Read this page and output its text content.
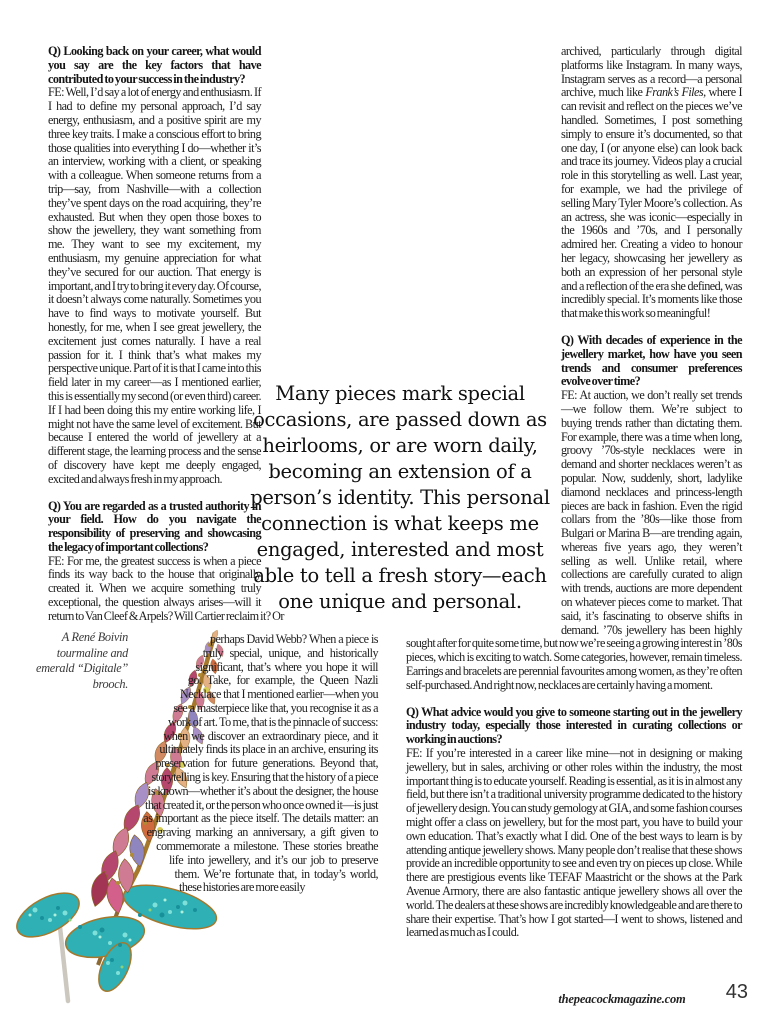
Q) Looking back on your career, what would you say are the key factors that have contributed to your success in the industry?

FE: Well, I’d say a lot of energy and enthusiasm. If I had to define my personal approach, I’d say energy, enthusiasm, and a positive spirit are my three key traits. I make a conscious effort to bring those qualities into everything I do—whether it’s an interview, working with a client, or speaking with a colleague. When someone returns from a trip—say, from Nashville—with a collection they’ve spent days on the road acquiring, they’re exhausted. But when they open those boxes to show the jewellery, they want something from me. They want to see my excitement, my enthusiasm, my genuine appreciation for what they’ve secured for our auction. That energy is important, and I try to bring it every day. Of course, it doesn’t always come naturally. Sometimes you have to find ways to motivate yourself. But honestly, for me, when I see great jewellery, the excitement just comes naturally. I have a real passion for it. I think that’s what makes my perspective unique. Part of it is that I came into this field later in my career—as I mentioned earlier, this is essentially my second (or even third) career. If I had been doing this my entire working life, I might not have the same level of excitement. But because I entered the world of jewellery at a different stage, the learning process and the sense of discovery have kept me deeply engaged, excited and always fresh in my approach.

Q) You are regarded as a trusted authority in your field. How do you navigate the responsibility of preserving and showcasing the legacy of important collections?

FE: For me, the greatest success is when a piece finds its way back to the house that originally created it. When we acquire something truly exceptional, the question always arises—will it return to Van Cleef & Arpels? Will Cartier reclaim it? Or

A René Boivin tourmaline and emerald “Digitale” brooch.

perhaps David Webb? When a piece is truly special, unique, and historically significant, that’s where you hope it will go. Take, for example, the Queen Nazli Necklace that I mentioned earlier—when you see a masterpiece like that, you recognise it as a work of art. To me, that is the pinnacle of success: when we discover an extraordinary piece, and it ultimately finds its place in an archive, ensuring its preservation for future generations. Beyond that, storytelling is key. Ensuring that the history of a piece is known—whether it’s about the designer, the house that created it, or the person who once owned it—is just as important as the piece itself. The details matter: an engraving marking an anniversary, a gift given to commemorate a milestone. These stories breathe life into jewellery, and it’s our job to preserve them. We’re fortunate that, in today’s world, these histories are more easily

Many pieces mark special occasions, are passed down as heirlooms, or are worn daily, becoming an extension of a person’s identity. This personal connection is what keeps me engaged, interested and most able to tell a fresh story—each one unique and personal.

archived, particularly through digital platforms like Instagram. In many ways, Instagram serves as a record—a personal archive, much like Frank’s Files, where I can revisit and reflect on the pieces we’ve handled. Sometimes, I post something simply to ensure it’s documented, so that one day, I (or anyone else) can look back and trace its journey. Videos play a crucial role in this storytelling as well. Last year, for example, we had the privilege of selling Mary Tyler Moore’s collection. As an actress, she was iconic—especially in the 1960s and ’70s, and I personally admired her. Creating a video to honour her legacy, showcasing her jewellery as both an expression of her personal style and a reflection of the era she defined, was incredibly special. It’s moments like those that make this work so meaningful!

Q) With decades of experience in the jewellery market, how have you seen trends and consumer preferences evolve over time?

FE: At auction, we don’t really set trends—we follow them. We’re subject to buying trends rather than dictating them. For example, there was a time when long, groovy ’70s-style necklaces were in demand and shorter necklaces weren’t as popular. Now, suddenly, short, ladylike diamond necklaces and princess-length pieces are back in fashion. Even the rigid collars from the ’80s—like those from Bulgari or Marina B—are trending again, whereas five years ago, they weren’t selling as well. Unlike retail, where collections are carefully curated to align with trends, auctions are more dependent on whatever pieces come to market. That said, it’s fascinating to observe shifts in demand. ’70s jewellery has been highly sought after for quite some time, but now we’re seeing a growing interest in ’80s pieces, which is exciting to watch. Some categories, however, remain timeless. Earrings and bracelets are perennial favourites among women, as they’re often self-purchased. And right now, necklaces are certainly having a moment.

Q) What advice would you give to someone starting out in the jewellery industry today, especially those interested in curating collections or working in auctions?

FE: If you’re interested in a career like mine—not in designing or making jewellery, but in sales, archiving or other roles within the industry, the most important thing is to educate yourself. Reading is essential, as it is in almost any field, but there isn’t a traditional university programme dedicated to the history of jewellery design. You can study gemology at GIA, and some fashion courses might offer a class on jewellery, but for the most part, you have to build your own education. That’s exactly what I did. One of the best ways to learn is by attending antique jewellery shows. Many people don’t realise that these shows provide an incredible opportunity to see and even try on pieces up close. While there are prestigious events like TEFAF Maastricht or the shows at the Park Avenue Armory, there are also fantastic antique jewellery shows all over the world. The dealers at these shows are incredibly knowledgeable and are there to share their expertise. That’s how I got started—I went to shows, listened and learned as much as I could.

thepeacockmagazine.com	43
